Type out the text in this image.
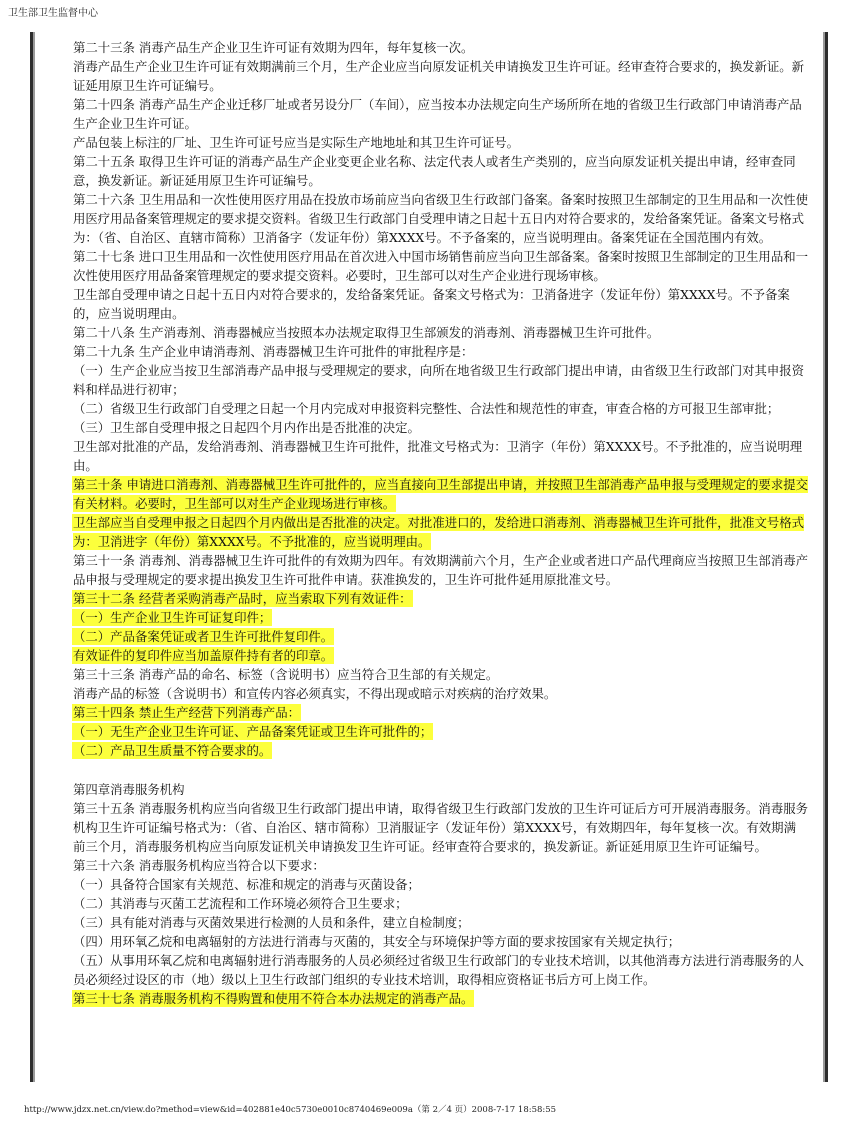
卫生部卫生监督中心

第二十三条 消毒产品生产企业卫生许可证有效期为四年，每年复核一次。

消毒产品生产企业卫生许可证有效期满前三个月，生产企业应当向原发证机关申请换发卫生许可证。经审查符合要求的，换发新证。新证延用原卫生许可证编号。

第二十四条 消毒产品生产企业迁移厂址或者另设分厂（车间），应当按本办法规定向生产场所所在地的省级卫生行政部门申请消毒产品生产企业卫生许可证。

产品包装上标注的厂址、卫生许可证号应当是实际生产地地址和其卫生许可证号。

第二十五条 取得卫生许可证的消毒产品生产企业变更企业名称、法定代表人或者生产类别的，应当向原发证机关提出申请，经审查同意，换发新证。新证延用原卫生许可证编号。

第二十六条 卫生用品和一次性使用医疗用品在投放市场前应当向省级卫生行政部门备案。备案时按照卫生部制定的卫生用品和一次性使用医疗用品备案管理规定的要求提交资料。省级卫生行政部门自受理申请之日起十五日内对符合要求的，发给备案凭证。备案文号格式为：（省、自治区、直辖市简称）卫消备字（发证年份）第XXXX号。不予备案的，应当说明理由。备案凭证在全国范围内有效。

第二十七条 进口卫生用品和一次性使用医疗用品在首次进入中国市场销售前应当向卫生部备案。备案时按照卫生部制定的卫生用品和一次性使用医疗用品备案管理规定的要求提交资料。必要时，卫生部可以对生产企业进行现场审核。

卫生部自受理申请之日起十五日内对符合要求的，发给备案凭证。备案文号格式为：卫消备进字（发证年份）第XXXX号。不予备案的，应当说明理由。

第二十八条 生产消毒剂、消毒器械应当按照本办法规定取得卫生部颁发的消毒剂、消毒器械卫生许可批件。

第二十九条 生产企业申请消毒剂、消毒器械卫生许可批件的审批程序是：

（一）生产企业应当按卫生部消毒产品申报与受理规定的要求，向所在地省级卫生行政部门提出申请，由省级卫生行政部门对其申报资料和样品进行初审；

（二）省级卫生行政部门自受理之日起一个月内完成对申报资料完整性、合法性和规范性的审查，审查合格的方可报卫生部审批；

（三）卫生部自受理申报之日起四个月内作出是否批准的决定。

卫生部对批准的产品，发给消毒剂、消毒器械卫生许可批件，批准文号格式为：卫消字（年份）第XXXX号。不予批准的，应当说明理由。

第三十条 申请进口消毒剂、消毒器械卫生许可批件的，应当直接向卫生部提出申请，并按照卫生部消毒产品申报与受理规定的要求提交有关材料。必要时，卫生部可以对生产企业现场进行审核。

卫生部应当自受理申报之日起四个月内做出是否批准的决定。对批准进口的，发给进口消毒剂、消毒器械卫生许可批件，批准文号格式为：卫消进字（年份）第XXXX号。不予批准的，应当说明理由。

第三十一条 消毒剂、消毒器械卫生许可批件的有效期为四年。有效期满前六个月，生产企业或者进口产品代理商应当按照卫生部消毒产品申报与受理规定的要求提出换发卫生许可批件申请。获准换发的，卫生许可批件延用原批准文号。

第三十二条 经营者采购消毒产品时，应当索取下列有效证件：

（一）生产企业卫生许可证复印件；

（二）产品备案凭证或者卫生许可批件复印件。

有效证件的复印件应当加盖原件持有者的印章。

第三十三条 消毒产品的命名、标签（含说明书）应当符合卫生部的有关规定。

消毒产品的标签（含说明书）和宣传内容必须真实，不得出现或暗示对疾病的治疗效果。

第三十四条 禁止生产经营下列消毒产品：

（一）无生产企业卫生许可证、产品备案凭证或卫生许可批件的；

（二）产品卫生质量不符合要求的。

第四章消毒服务机构

第三十五条 消毒服务机构应当向省级卫生行政部门提出申请，取得省级卫生行政部门发放的卫生许可证后方可开展消毒服务。消毒服务机构卫生许可证编号格式为：（省、自治区、辖市简称）卫消服证字（发证年份）第XXXX号，有效期四年，每年复核一次。有效期满前三个月，消毒服务机构应当向原发证机关申请换发卫生许可证。经审查符合要求的，换发新证。新证延用原卫生许可证编号。

第三十六条 消毒服务机构应当符合以下要求：

（一）具备符合国家有关规范、标准和规定的消毒与灭菌设备；

（二）其消毒与灭菌工艺流程和工作环境必须符合卫生要求；

（三）具有能对消毒与灭菌效果进行检测的人员和条件，建立自检制度；

（四）用环氧乙烷和电离辐射的方法进行消毒与灭菌的，其安全与环境保护等方面的要求按国家有关规定执行；

（五）从事用环氧乙烷和电离辐射进行消毒服务的人员必须经过省级卫生行政部门的专业技术培训，以其他消毒方法进行消毒服务的人员必须经过设区的市（地）级以上卫生行政部门组织的专业技术培训，取得相应资格证书后方可上岗工作。

第三十七条 消毒服务机构不得购置和使用不符合本办法规定的消毒产品。

http://www.jdzx.net.cn/view.do?method=view&id=402881e40c5730e0010c8740469e009a（第 2／4 页）2008-7-17 18:58:55
